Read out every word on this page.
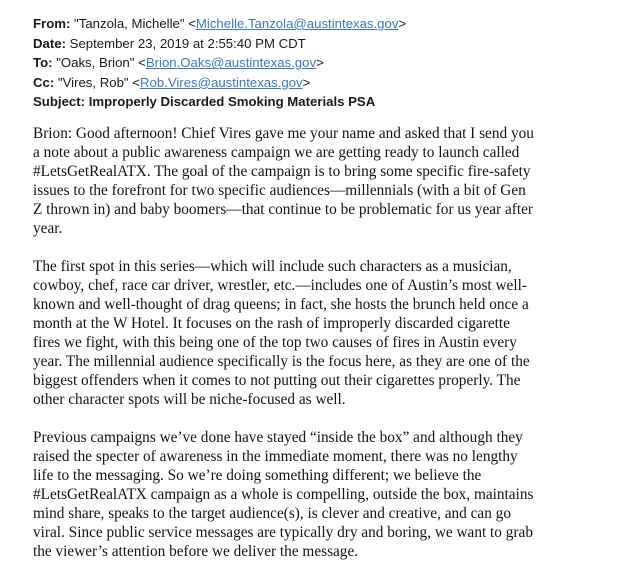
From: "Tanzola, Michelle" <Michelle.Tanzola@austintexas.gov>
Date: September 23, 2019 at 2:55:40 PM CDT
To: "Oaks, Brion" <Brion.Oaks@austintexas.gov>
Cc: "Vires, Rob" <Rob.Vires@austintexas.gov>
Subject: Improperly Discarded Smoking Materials PSA

Brion: Good afternoon! Chief Vires gave me your name and asked that I send you
a note about a public awareness campaign we are getting ready to launch called
#LetsGetRealATX. The goal of the campaign is to bring some specific fire-safety
issues to the forefront for two specific audiences—millennials (with a bit of Gen
Z thrown in) and baby boomers—that continue to be problematic for us year after
year.

The first spot in this series—which will include such characters as a musician,
cowboy, chef, race car driver, wrestler, etc.—includes one of Austin’s most well-
known and well-thought of drag queens; in fact, she hosts the brunch held once a
month at the W Hotel. It focuses on the rash of improperly discarded cigarette
fires we fight, with this being one of the top two causes of fires in Austin every
year. The millennial audience specifically is the focus here, as they are one of the
biggest offenders when it comes to not putting out their cigarettes properly. The
other character spots will be niche-focused as well.

Previous campaigns we’ve done have stayed “inside the box” and although they
raised the specter of awareness in the immediate moment, there was no lengthy
life to the messaging. So we’re doing something different; we believe the
#LetsGetRealATX campaign as a whole is compelling, outside the box, maintains
mind share, speaks to the target audience(s), is clever and creative, and can go
viral. Since public service messages are typically dry and boring, we want to grab
the viewer’s attention before we deliver the message.
